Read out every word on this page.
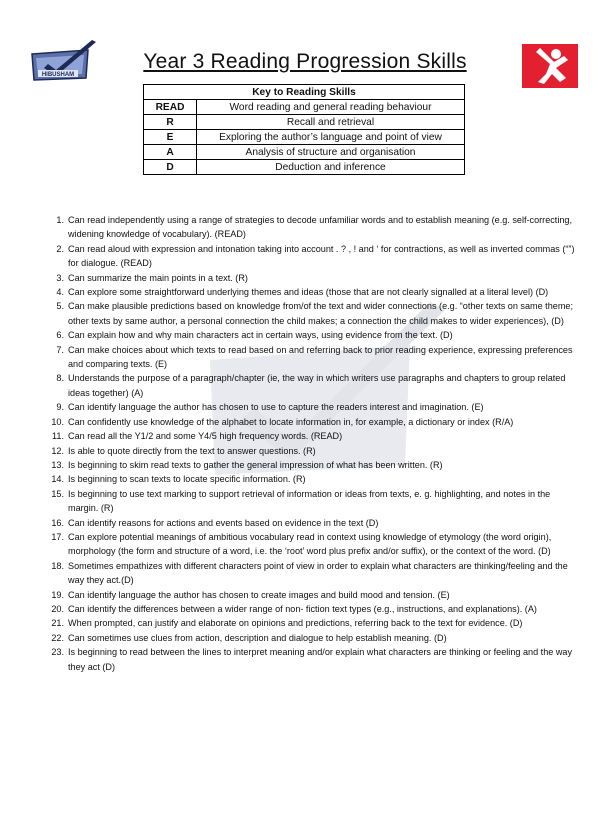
HIBUSHAM
Year 3 Reading Progression Skills
Key to Reading Skills	
READ	Word reading and general reading behaviour
R	Recall and retrieval
E	Exploring the author’s language and point of view
A	Analysis of structure and organisation
D	Deduction and inference
1. Can read independently using a range of strategies to decode unfamiliar words and to establish meaning (e.g. self-correcting, widening knowledge of vocabulary). (READ)
2. Can read aloud with expression and intonation taking into account . ? , ! and ‘ for contractions, as well as inverted commas (“”) for dialogue. (READ)
3. Can summarize the main points in a text. (R)
4. Can explore some straightforward underlying themes and ideas (those that are not clearly signalled at a literal level) (D)
5. Can make plausible predictions based on knowledge from/of the text and wider connections (e.g. “other texts on same theme; other texts by same author, a personal connection the child makes; a connection the child makes to wider experiences), (D)
6. Can explain how and why main characters act in certain ways, using evidence from the text. (D)
7. Can make choices about which texts to read based on and referring back to prior reading experience, expressing preferences and comparing texts. (E)
8. Understands the purpose of a paragraph/chapter (ie, the way in which writers use paragraphs and chapters to group related ideas together) (A)
9. Can identify language the author has chosen to use to capture the readers interest and imagination. (E)
10. Can confidently use knowledge of the alphabet to locate information in, for example, a dictionary or index (R/A)
11. Can read all the Y1/2 and some Y4/5 high frequency words. (READ)
12. Is able to quote directly from the text to answer questions. (R)
13. Is beginning to skim read texts to gather the general impression of what has been written. (R)
14. Is beginning to scan texts to locate specific information. (R)
15. Is beginning to use text marking to support retrieval of information or ideas from texts, e. g. highlighting, and notes in the margin. (R)
16. Can identify reasons for actions and events based on evidence in the text (D)
17. Can explore potential meanings of ambitious vocabulary read in context using knowledge of etymology (the word origin), morphology (the form and structure of a word, i.e. the ‘root’ word plus prefix and/or suffix), or the context of the word. (D)
18. Sometimes empathizes with different characters point of view in order to explain what characters are thinking/feeling and the way they act.(D)
19. Can identify language the author has chosen to create images and build mood and tension. (E)
20. Can identify the differences between a wider range of non- fiction text types (e.g., instructions, and explanations). (A)
21. When prompted, can justify and elaborate on opinions and predictions, referring back to the text for evidence. (D)
22. Can sometimes use clues from action, description and dialogue to help establish meaning. (D)
23. Is beginning to read between the lines to interpret meaning and/or explain what characters are thinking or feeling and the way they act (D)
